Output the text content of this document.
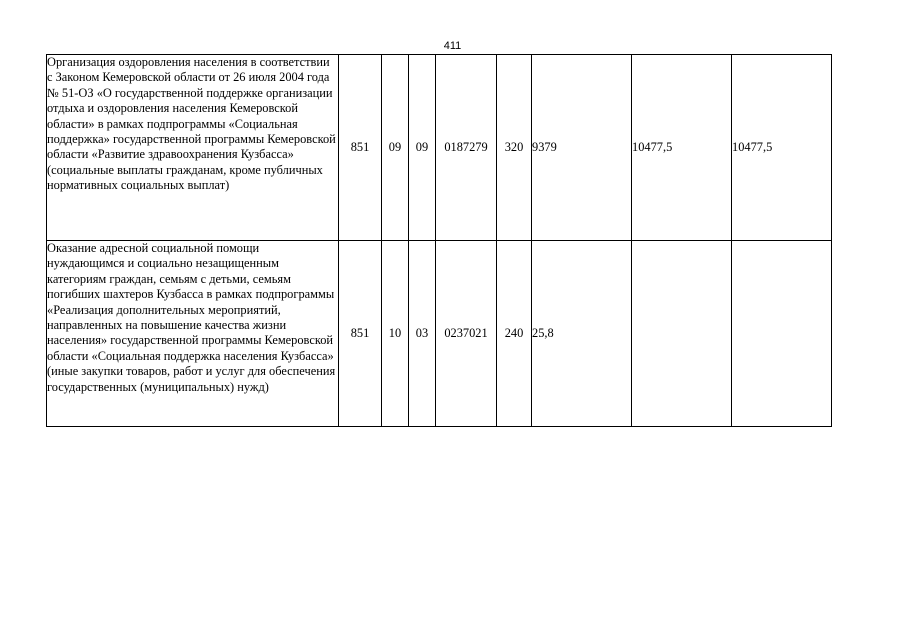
411
Организация оздоровления населения в соответствии с Законом Кемеровской области от 26 июля 2004 года № 51-ОЗ «О государственной поддержке организации отдыха и оздоровления населения Кемеровской области» в рамках подпрограммы «Социальная поддержка» государственной программы Кемеровской области «Развитие здравоохранения Кузбасса» (социальные выплаты гражданам, кроме публичных нормативных социальных выплат)	851	09	09	0187279	320	9379	10477,5	10477,5
Оказание адресной социальной помощи нуждающимся и социально незащищенным категориям граждан, семьям с детьми, семьям погибших шахтеров Кузбасса в рамках подпрограммы «Реализация дополнительных мероприятий, направленных на повышение качества жизни населения» государственной программы Кемеровской области «Социальная поддержка населения Кузбасса» (иные закупки товаров, работ и услуг для обеспечения государственных (муниципальных) нужд)	851	10	03	0237021	240	25,8		
